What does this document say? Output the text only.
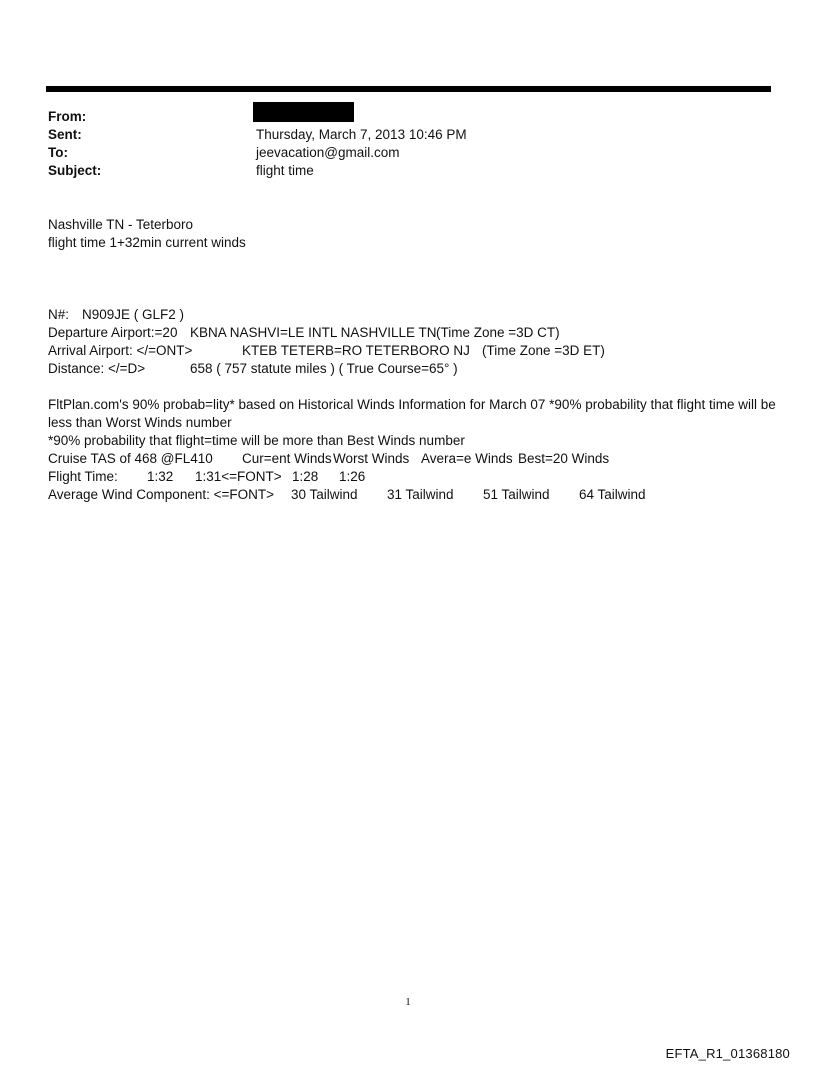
From:
Sent:	Thursday, March 7, 2013 10:46 PM
To:	jeevacation@gmail.com
Subject:	flight time
Nashville TN - Teterboro
flight time 1+32min current winds
N#: N909JE ( GLF2 )
Departure Airport:=20 KBNA NASHVI=LE INTL NASHVILLE TN(Time Zone =3D CT)
Arrival Airport: </=ONT>	KTEB TETERB=RO TETERBORO NJ (Time Zone =3D ET)
Distance: </=D>	658 ( 757 statute miles ) ( True Course=65° )
FltPlan.com's 90% probab=lity* based on Historical Winds Information for March 07 *90% probability that flight time will be less than Worst Winds number
*90% probability that flight=time will be more than Best Winds number
Cruise TAS of 468 @FL410 Cur=ent WindsWorst Winds Avera=e Winds Best=20 Winds
Flight Time: 1:32 1:31<=FONT> 1:28 1:26
Average Wind Component: <=FONT> 30 Tailwind 31 Tailwind 51 Tailwind 64 Tailwind
1
EFTA_R1_01368180
